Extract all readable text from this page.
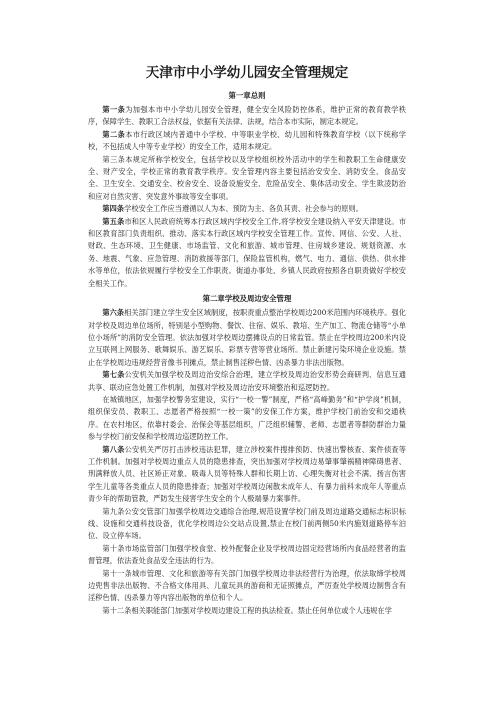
天津市中小学幼儿园安全管理规定
第一章总则

第一条为加强本市中小学幼儿园安全管理，健全安全风险防控体系，维护正常的教育教学秩序，保障学生、教职工合法权益，依据有关法律、法规，结合本市实际，制定本规定。

第二条本市行政区域内普通中小学校、中等职业学校、幼儿园和特殊教育学校（以下统称学校，不包括成人中等专业学校）的安全工作，适用本规定。

第三条本规定所称学校安全，包括学校以及学校组织校外活动中的学生和教职工生命健康安全、财产安全，学校正常的教育教学秩序。安全管理内容主要包括治安安全、消防安全、食品安全、卫生安全、交通安全、校舍安全、设备设施安全、危险品安全、集体活动安全、学生欺凌防治和应对自然灾害、突发意外事故等安全事项。

第四条学校安全工作应当遵循以人为本、预防为主、各负其责、社会参与的原则。

第五条市和区人民政府统筹本行政区域内学校安全工作,将学校安全建设纳入平安天津建设。市和区教育部门负责组织、推动、落实本行政区域内学校安全管理工作。宣传、网信、公安、人社、财政、生态环境、卫生健康、市场监管、文化和旅游、城市管理、住房城乡建设、规划资源、水务、地震、气象、应急管理、消防救援等部门，保险监管机构，燃气、电力、通信、供热、供水排水等单位，依法依规履行学校安全工作职责。街道办事处、乡镇人民政府按照各自职责做好学校安全相关工作。

第二章学校及周边安全管理

第六条相关部门建立学生安全区域制度，按职责重点整治学校周边200米范围内环境秩序。强化对学校及周边单位场所，特别是小型购物、餐饮、住宿、娱乐、教培、生产加工、物流仓储等“小单位小场所”的消防安全管理。依法加强对学校周边摆摊设点的日常监管。禁止在学校周边200米内设立互联网上网服务、歌舞娱乐、游艺娱乐、彩票专营等营业场所。禁止新建污染环境企业设施。禁止在学校周边违规经营音像书刊摊点，禁止制售淫秽色情、凶杀暴力非法出版物。

第七条公安机关加强学校及周边治安综合治理，建立学校及周边治安形势会商研判、信息互通共享、联动应急处置工作机制，加强对学校及周边治安环境整治和巡逻防控。

在城镇地区，加强学校警务室建设，实行“一校一警”制度，严格“高峰勤务”和“护学岗”机制，组织保安员、教职工、志愿者严格按照“一校一策”的安保工作方案，维护学校门前治安和交通秩序。在农村地区，依靠村委会、治保会等基层组织，广泛组织辅警、老师、志愿者等群防群治力量参与学校门前安保和学校周边巡逻防控工作。

第八条公安机关严厉打击涉校违法犯罪，建立涉校案件搜排预防、快速出警核查、案件侦查等工作机制。加强对学校周边重点人员的隐患排查，突出加强对学校周边易肇事肇祸精神障碍患者、刑满释放人员、社区矫正对象、吸毒人员等特殊人群和长期上访、心理失衡对社会不满、扬言伤害学生儿童等各类重点人员的隐患排查；加强对学校周边闲散未成年人、有暴力前科未成年人等重点青少年的帮助管教，严防发生侵害学生安全的个人极端暴力案事件。

第九条公安交管部门加强学校周边交通综合治理,规范设置学校门前及周边道路交通标志标识标线、设施和交通科技设备，优化学校周边公交站点设置,禁止在校门前两侧50米内施划道路停车泊位、设立停车场。

第十条市场监管部门加强学校食堂、校外配餐企业及学校周边固定经营场所内食品经营者的监督管理，依法查处食品安全违法的行为。

第十一条城市管理、文化和旅游等有关部门加强学校周边非法经营行为治理，依法取缔学校周边兜售非法出版物、不合格文体用具、儿童玩具的游商和无证照摊点，严厉查处学校周边制售含有淫秽色情、凶杀暴力等内容出版物的单位和个人。

第十二条相关职能部门加强对学校周边建设工程的执法检查。禁止任何单位或个人违规在学
